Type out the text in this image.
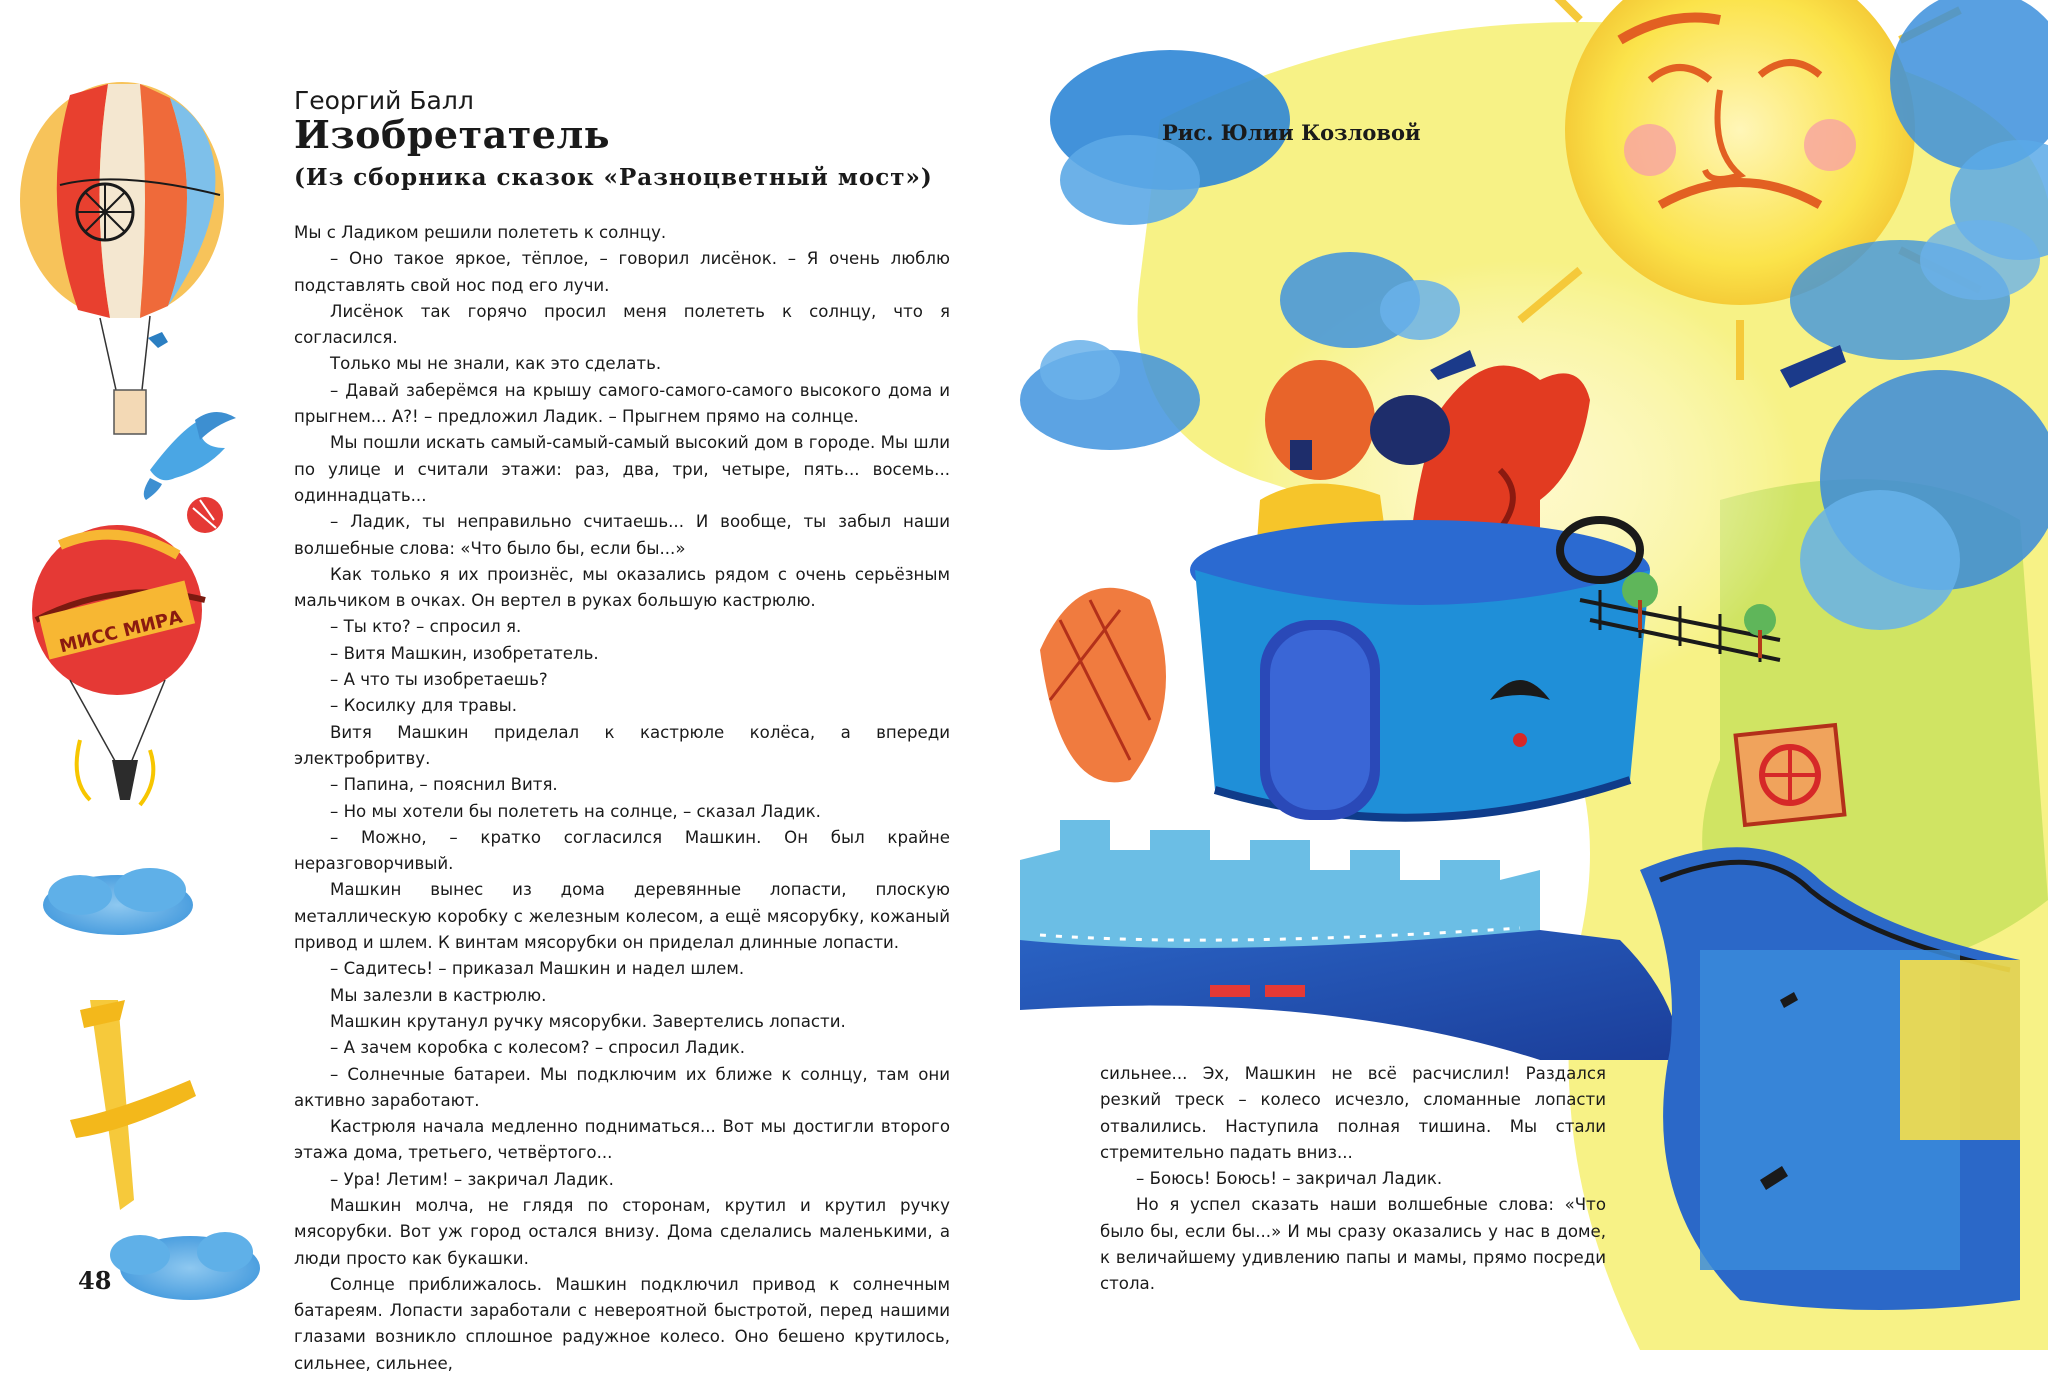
МИСС МИРА
Георгий Балл
Изобретатель
(Из сборника сказок «Разноцветный мост»)
Рис. Юлии Козловой

Мы с Ладиком решили полететь к солнцу.

– Оно такое яркое, тёплое, – говорил лисёнок. – Я очень люблю подставлять свой нос под его лучи.

Лисёнок так горячо просил меня полететь к солнцу, что я согласился.

Только мы не знали, как это сделать.

– Давай заберёмся на крышу самого-самого-самого высокого дома и прыгнем... А?! – предложил Ладик. – Прыгнем прямо на солнце.

Мы пошли искать самый-самый-самый высокий дом в городе. Мы шли по улице и считали этажи: раз, два, три, четыре, пять... восемь... одиннадцать...

– Ладик, ты неправильно считаешь... И вообще, ты забыл наши волшебные слова: «Что было бы, если бы...»

Как только я их произнёс, мы оказались рядом с очень серьёзным мальчиком в очках. Он вертел в руках большую кастрюлю.

– Ты кто? – спросил я.

– Витя Машкин, изобретатель.

– А что ты изобретаешь?

– Косилку для травы.

Витя Машкин приделал к кастрюле колёса, а впереди электробритву.

– Папина, – пояснил Витя.

– Но мы хотели бы полететь на солнце, – сказал Ладик.

– Можно, – кратко согласился Машкин. Он был крайне неразговорчивый.

Машкин вынес из дома деревянные лопасти, плоскую металлическую коробку с железным колесом, а ещё мясорубку, кожаный привод и шлем. К винтам мясорубки он приделал длинные лопасти.

– Садитесь! – приказал Машкин и надел шлем.

Мы залезли в кастрюлю.

Машкин крутанул ручку мясорубки. Завертелись лопасти.

– А зачем коробка с колесом? – спросил Ладик.

– Солнечные батареи. Мы подключим их ближе к солнцу, там они активно заработают.

Кастрюля начала медленно подниматься... Вот мы достигли второго этажа дома, третьего, четвёртого...

– Ура! Летим! – закричал Ладик.

Машкин молча, не глядя по сторонам, крутил и крутил ручку мясорубки. Вот уж город остался внизу. Дома сделались маленькими, а люди просто как букашки.

Солнце приближалось. Машкин подключил привод к солнечным батареям. Лопасти заработали с невероятной быстротой, перед нашими глазами возникло сплошное радужное колесо. Оно бешено крутилось, сильнее, сильнее,

сильнее... Эх, Машкин не всё расчислил! Раздался резкий треск – колесо исчезло, сломанные лопасти отвалились. Наступила полная тишина. Мы стали стремительно падать вниз...

– Боюсь! Боюсь! – закричал Ладик.

Но я успел сказать наши волшебные слова: «Что было бы, если бы...» И мы сразу оказались у нас в доме, к величайшему удивлению папы и мамы, прямо посреди стола.

48
